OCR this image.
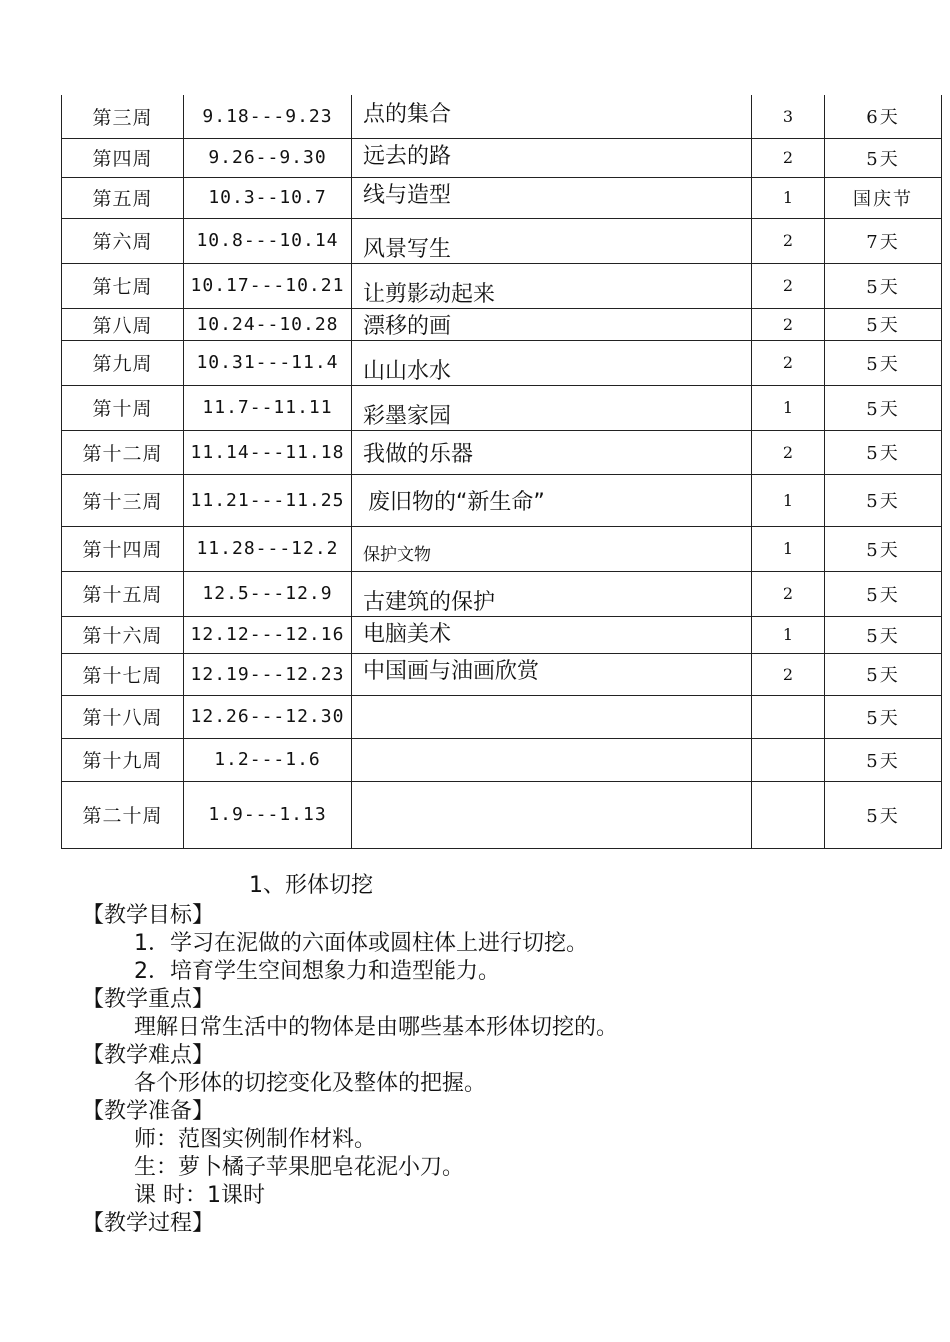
第三周	9.18---9.23	点的集合	3	6天
第四周	9.26--9.30	远去的路	2	5天
第五周	10.3--10.7	线与造型	1	国庆节
第六周	10.8---10.14	风景写生	2	7天
第七周	10.17---10.21	让剪影动起来	2	5天
第八周	10.24--10.28	漂移的画	2	5天
第九周	10.31---11.4	山山水水	2	5天
第十周	11.7--11.11	彩墨家园	1	5天
第十二周	11.14---11.18	我做的乐器	2	5天
第十三周	11.21---11.25	废旧物的“新生命”	1	5天
第十四周	11.28---12.2	保护文物	1	5天
第十五周	12.5---12.9	古建筑的保护	2	5天
第十六周	12.12---12.16	电脑美术	1	5天
第十七周	12.19---12.23	中国画与油画欣赏	2	5天
第十八周	12.26---12.30			5天
第十九周	1.2---1.6			5天
第二十周	1.9---1.13			5天
1、形体切挖
【教学目标】
1．学习在泥做的六面体或圆柱体上进行切挖。
2．培育学生空间想象力和造型能力。
【教学重点】
理解日常生活中的物体是由哪些基本形体切挖的。
【教学难点】
各个形体的切挖变化及整体的把握。
【教学准备】
师：范图实例制作材料。
生：萝卜橘子苹果肥皂花泥小刀。
课 时：1课时
【教学过程】
